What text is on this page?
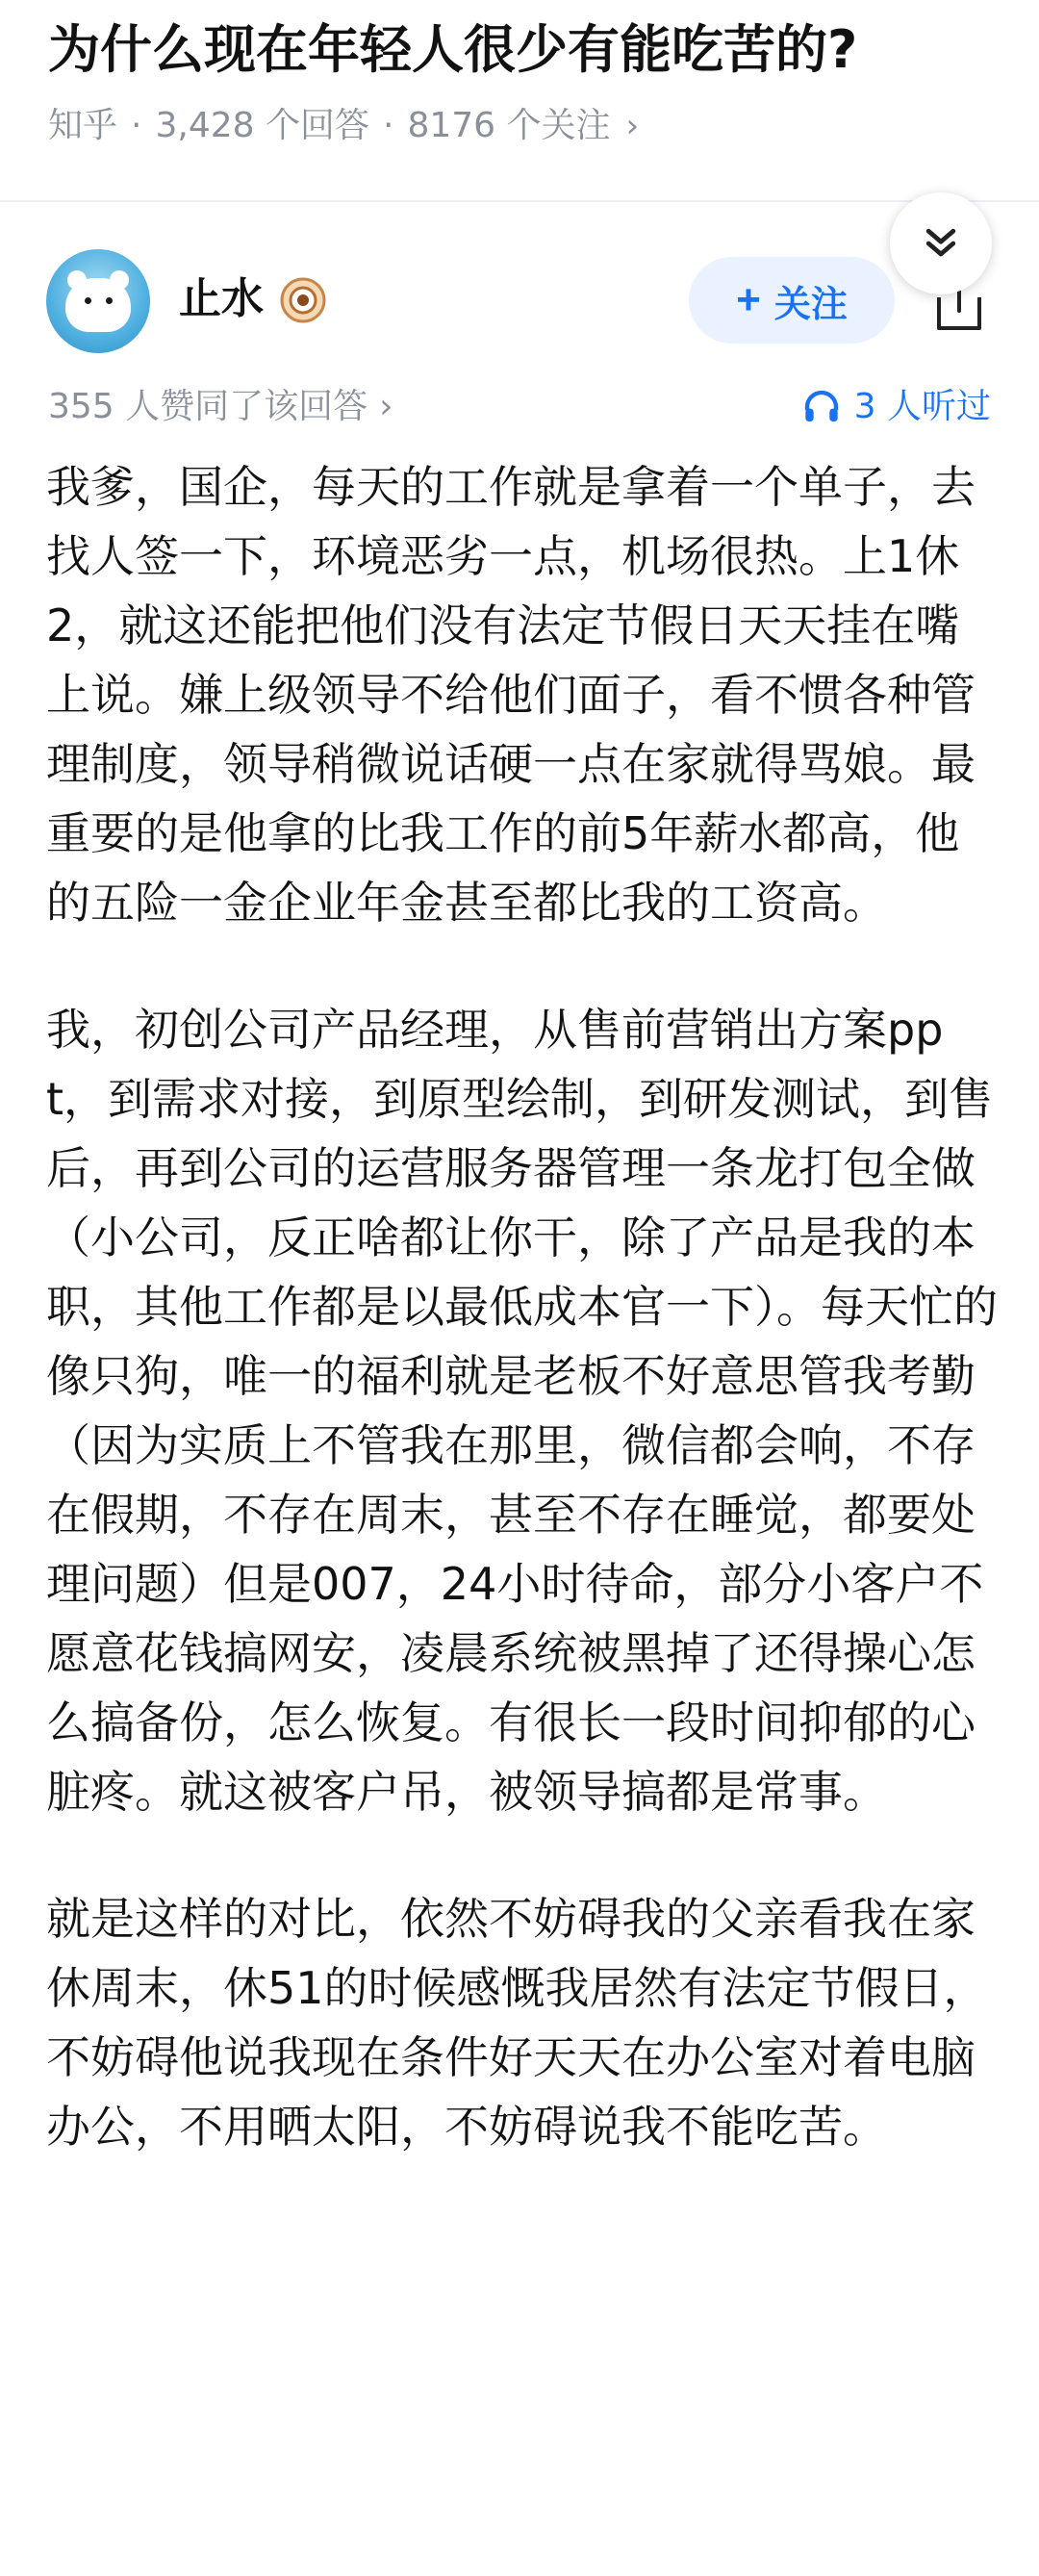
为什么现在年轻人很少有能吃苦的?
知乎 · 3,428 个回答 · 8176 个关注 ›
止水	+ 关注
355 人赞同了该回答 ›	3 人听过

我爹，国企，每天的工作就是拿着一个单子，去找人签一下，环境恶劣一点，机场很热。上1休2，就这还能把他们没有法定节假日天天挂在嘴上说。嫌上级领导不给他们面子，看不惯各种管理制度，领导稍微说话硬一点在家就得骂娘。最重要的是他拿的比我工作的前5年薪水都高，他的五险一金企业年金甚至都比我的工资高。

我，初创公司产品经理，从售前营销出方案ppt，到需求对接，到原型绘制，到研发测试，到售后，再到公司的运营服务器管理一条龙打包全做（小公司，反正啥都让你干，除了产品是我的本职，其他工作都是以最低成本官一下）。每天忙的像只狗，唯一的福利就是老板不好意思管我考勤（因为实质上不管我在那里，微信都会响，不存在假期，不存在周末，甚至不存在睡觉，都要处理问题）但是007，24小时待命，部分小客户不愿意花钱搞网安，凌晨系统被黑掉了还得操心怎么搞备份，怎么恢复。有很长一段时间抑郁的心脏疼。就这被客户吊，被领导搞都是常事。

就是这样的对比，依然不妨碍我的父亲看我在家休周末，休51的时候感慨我居然有法定节假日，不妨碍他说我现在条件好天天在办公室对着电脑办公，不用晒太阳，不妨碍说我不能吃苦。
